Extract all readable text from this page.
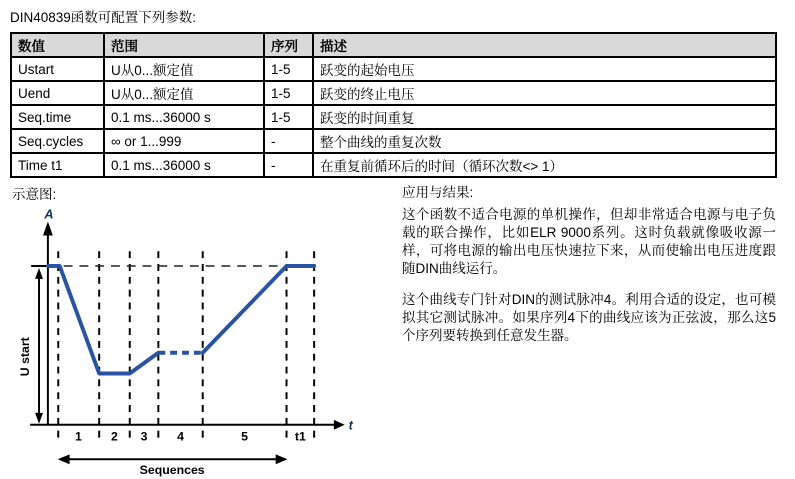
DIN40839函数可配置下列参数:
数值	范围	序列	描述
Ustart	U从0...额定值	1-5	跃变的起始电压
Uend	U从0...额定值	1-5	跃变的终止电压
Seq.time	0.1 ms...36000 s	1-5	跃变的时间重复
Seq.cycles	∞ or 1...999	-	整个曲线的重复次数
Time t1	0.1 ms...36000 s	-	在重复前循环后的时间（循环次数<> 1）
示意图:
A
t
U start
1 2 3 4	5	t1
Sequences
应用与结果:

这个函数不适合电源的单机操作，但却非常适合电源与电子负载的联合操作，比如ELR 9000系列。这时负载就像吸收源一样，可将电源的输出电压快速拉下来，从而使输出电压进度跟随DIN曲线运行。

这个曲线专门针对DIN的测试脉冲4。利用合适的设定，也可模拟其它测试脉冲。如果序列4下的曲线应该为正弦波，那么这5个序列要转换到任意发生器。
